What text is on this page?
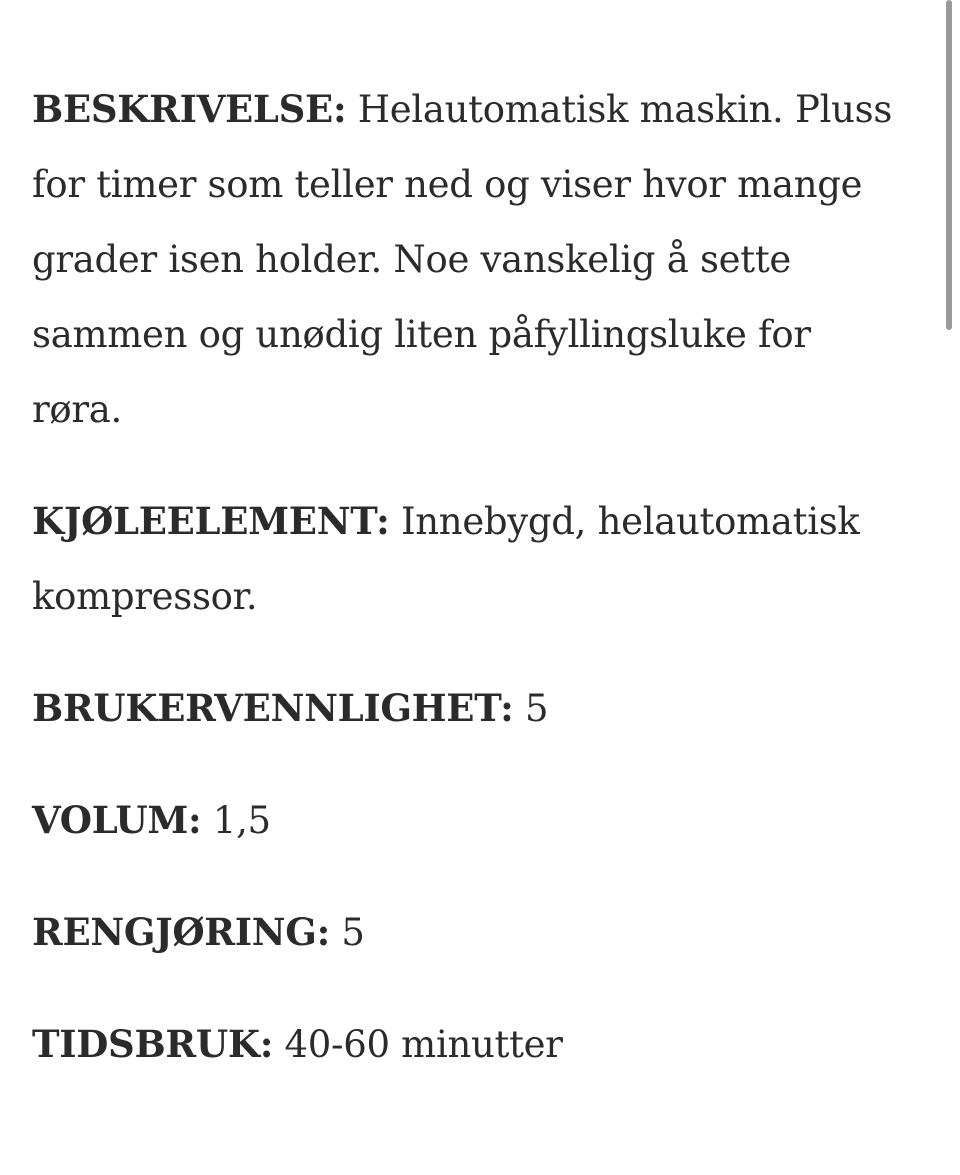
BESKRIVELSE: Helautomatisk maskin. Pluss for timer som teller ned og viser hvor mange grader isen holder. Noe vanskelig å sette sammen og unødig liten påfyllingsluke for røra.

KJØLEELEMENT: Innebygd, helautomatisk kompressor.

BRUKERVENNLIGHET: 5

VOLUM: 1,5

RENGJØRING: 5

TIDSBRUK: 40-60 minutter
